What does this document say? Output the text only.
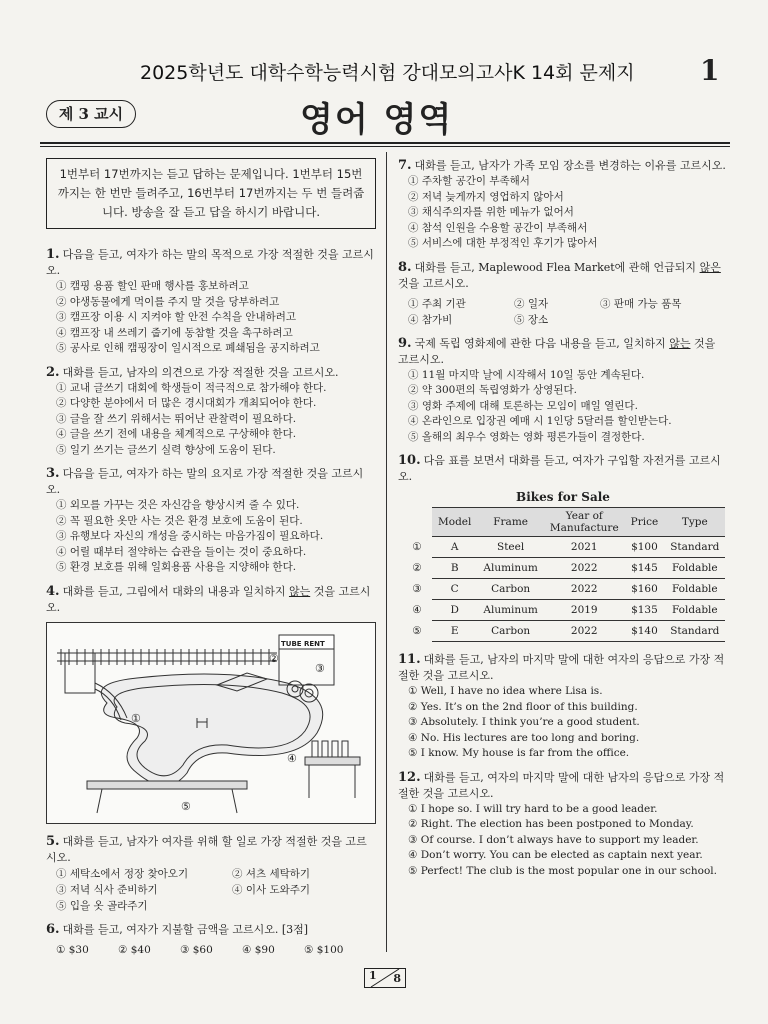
2025학년도 대학수학능력시험 강대모의고사K 14회 문제지 1
제 3 교시	영어 영역
1번부터 17번까지는 듣고 답하는 문제입니다. 1번부터 15번까지는 한 번만 들려주고, 16번부터 17번까지는 두 번 들려줍니다. 방송을 잘 듣고 답을 하시기 바랍니다.
1. 다음을 듣고, 여자가 하는 말의 목적으로 가장 적절한 것을 고르시오.
① 캠핑 용품 할인 판매 행사를 홍보하려고
② 야생동물에게 먹이를 주지 말 것을 당부하려고
③ 캠프장 이용 시 지켜야 할 안전 수칙을 안내하려고
④ 캠프장 내 쓰레기 줍기에 동참할 것을 촉구하려고
⑤ 공사로 인해 캠핑장이 일시적으로 폐쇄됨을 공지하려고
2. 대화를 듣고, 남자의 의견으로 가장 적절한 것을 고르시오.
① 교내 글쓰기 대회에 학생들이 적극적으로 참가해야 한다.
② 다양한 분야에서 더 많은 경시대회가 개최되어야 한다.
③ 글을 잘 쓰기 위해서는 뛰어난 관찰력이 필요하다.
④ 글을 쓰기 전에 내용을 체계적으로 구상해야 한다.
⑤ 일기 쓰기는 글쓰기 실력 향상에 도움이 된다.
3. 다음을 듣고, 여자가 하는 말의 요지로 가장 적절한 것을 고르시오.
① 외모를 가꾸는 것은 자신감을 향상시켜 줄 수 있다.
② 꼭 필요한 옷만 사는 것은 환경 보호에 도움이 된다.
③ 유행보다 자신의 개성을 중시하는 마음가짐이 필요하다.
④ 어릴 때부터 절약하는 습관을 들이는 것이 중요하다.
⑤ 환경 보호를 위해 일회용품 사용을 지양해야 한다.
4. 대화를 듣고, 그림에서 대화의 내용과 일치하지 않는 것을 고르시오.
TUBE RENT
①
②
③
④
⑤
5. 대화를 듣고, 남자가 여자를 위해 할 일로 가장 적절한 것을 고르시오.
① 세탁소에서 정장 찾아오기	② 셔츠 세탁하기
③ 저녁 식사 준비하기	④ 이사 도와주기
⑤ 입을 옷 골라주기
6. 대화를 듣고, 여자가 지불할 금액을 고르시오. [3점]
① $30	② $40	③ $60	④ $90	⑤ $100
7. 대화를 듣고, 남자가 가족 모임 장소를 변경하는 이유를 고르시오.
① 주차할 공간이 부족해서
② 저녁 늦게까지 영업하지 않아서
③ 채식주의자를 위한 메뉴가 없어서
④ 참석 인원을 수용할 공간이 부족해서
⑤ 서비스에 대한 부정적인 후기가 많아서
8. 대화를 듣고, Maplewood Flea Market에 관해 언급되지 않은 것을 고르시오.
① 주최 기관	② 일자	③ 판매 가능 품목
④ 참가비	⑤ 장소
9. 국제 독립 영화제에 관한 다음 내용을 듣고, 일치하지 않는 것을 고르시오.
① 11월 마지막 날에 시작해서 10일 동안 계속된다.
② 약 300편의 독립영화가 상영된다.
③ 영화 주제에 대해 토론하는 모임이 매일 열린다.
④ 온라인으로 입장권 예매 시 1인당 5달러를 할인받는다.
⑤ 올해의 최우수 영화는 영화 평론가들이 결정한다.
10. 다음 표를 보면서 대화를 듣고, 여자가 구입할 자전거를 고르시오.
Bikes for Sale
	Model	Frame	Year of Manufacture	Price	Type
①	A	Steel	2021	$100	Standard
②	B	Aluminum	2022	$145	Foldable
③	C	Carbon	2022	$160	Foldable
④	D	Aluminum	2019	$135	Foldable
⑤	E	Carbon	2022	$140	Standard
11. 대화를 듣고, 남자의 마지막 말에 대한 여자의 응답으로 가장 적절한 것을 고르시오.
① Well, I have no idea where Lisa is.
② Yes. It’s on the 2nd floor of this building.
③ Absolutely. I think you’re a good student.
④ No. His lectures are too long and boring.
⑤ I know. My house is far from the office.
12. 대화를 듣고, 여자의 마지막 말에 대한 남자의 응답으로 가장 적절한 것을 고르시오.
① I hope so. I will try hard to be a good leader.
② Right. The election has been postponed to Monday.
③ Of course. I don’t always have to support my leader.
④ Don’t worry. You can be elected as captain next year.
⑤ Perfect! The club is the most popular one in our school.
1 8
